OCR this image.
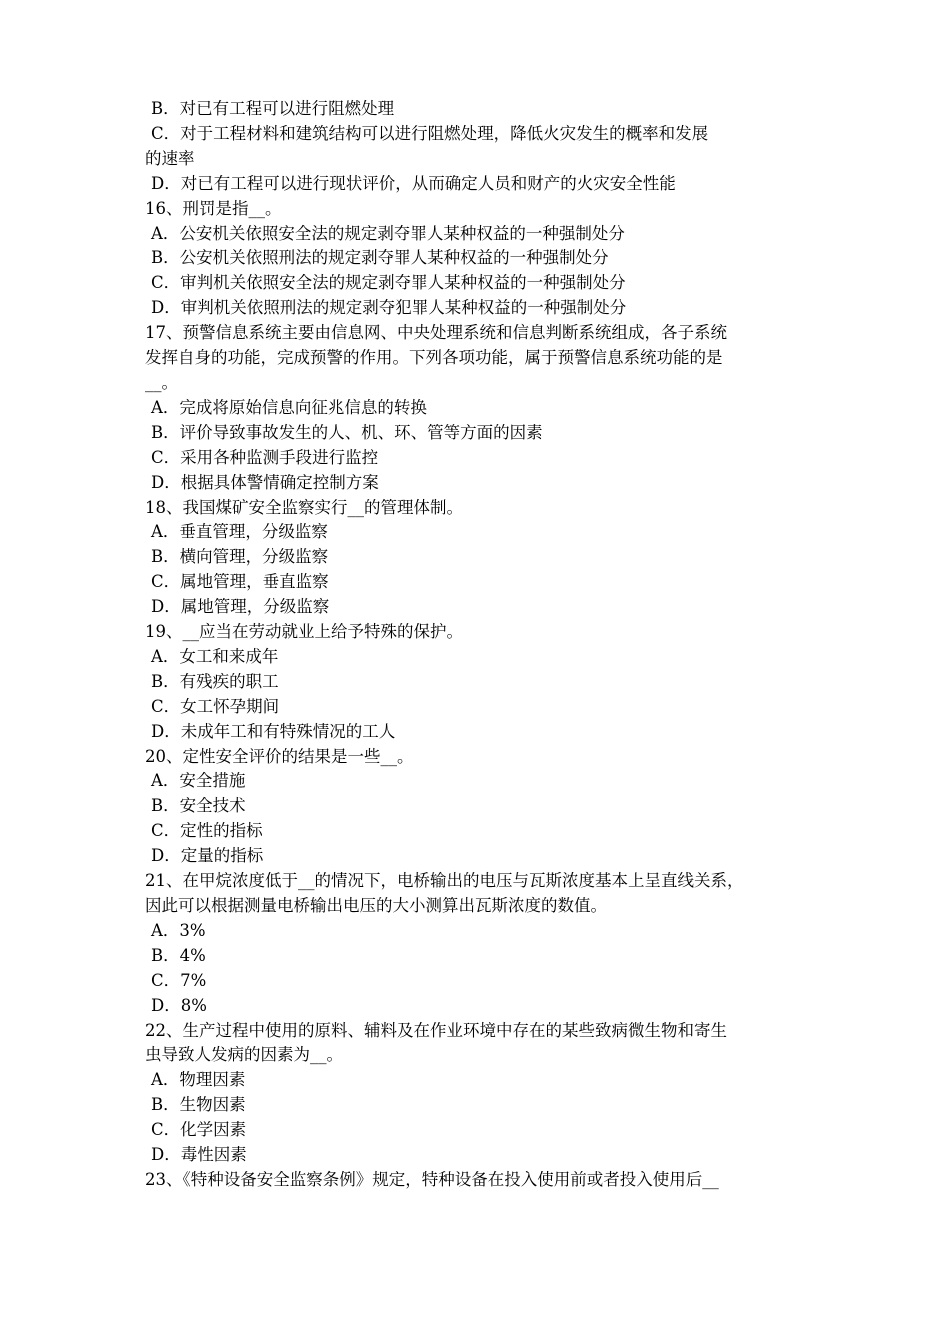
B．对已有工程可以进行阻燃处理
C．对于工程材料和建筑结构可以进行阻燃处理，降低火灾发生的概率和发展
的速率
D．对已有工程可以进行现状评价，从而确定人员和财产的火灾安全性能
16、刑罚是指__。
A．公安机关依照安全法的规定剥夺罪人某种权益的一种强制处分
B．公安机关依照刑法的规定剥夺罪人某种权益的一种强制处分
C．审判机关依照安全法的规定剥夺罪人某种权益的一种强制处分
D．审判机关依照刑法的规定剥夺犯罪人某种权益的一种强制处分
17、预警信息系统主要由信息网、中央处理系统和信息判断系统组成，各子系统
发挥自身的功能，完成预警的作用。下列各项功能，属于预警信息系统功能的是
__。
A．完成将原始信息向征兆信息的转换
B．评价导致事故发生的人、机、环、管等方面的因素
C．采用各种监测手段进行监控
D．根据具体警情确定控制方案
18、我国煤矿安全监察实行__的管理体制。
A．垂直管理，分级监察
B．横向管理，分级监察
C．属地管理，垂直监察
D．属地管理，分级监察
19、__应当在劳动就业上给予特殊的保护。
A．女工和来成年
B．有残疾的职工
C．女工怀孕期间
D．未成年工和有特殊情况的工人
20、定性安全评价的结果是一些__。
A．安全措施
B．安全技术
C．定性的指标
D．定量的指标
21、在甲烷浓度低于__的情况下，电桥输出的电压与瓦斯浓度基本上呈直线关系，
因此可以根据测量电桥输出电压的大小测算出瓦斯浓度的数值。
A．3%
B．4%
C．7%
D．8%
22、生产过程中使用的原料、辅料及在作业环境中存在的某些致病微生物和寄生
虫导致人发病的因素为__。
A．物理因素
B．生物因素
C．化学因素
D．毒性因素
23、《特种设备安全监察条例》规定，特种设备在投入使用前或者投入使用后__
